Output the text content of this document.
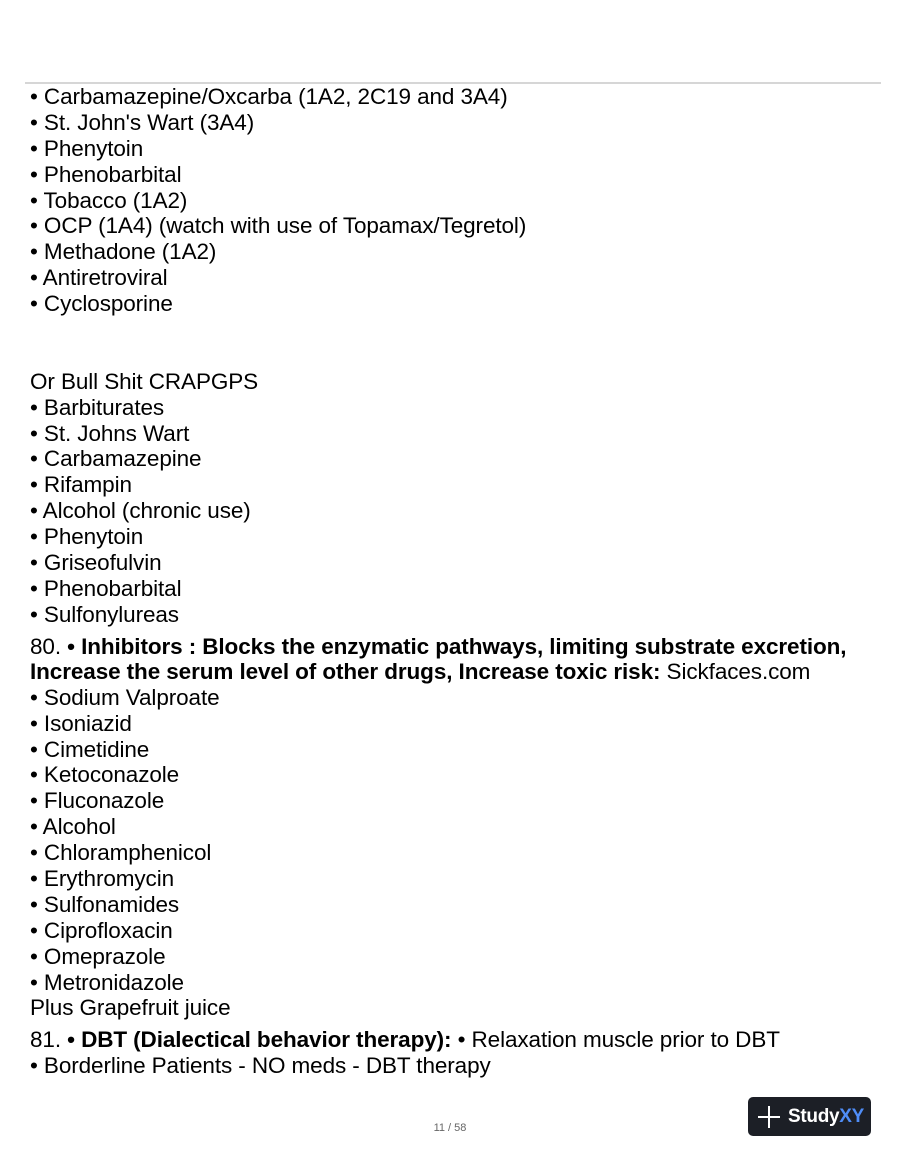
• Carbamazepine/Oxcarba (1A2, 2C19 and 3A4)
• St. John's Wart (3A4)
• Phenytoin
• Phenobarbital
• Tobacco (1A2)
• OCP (1A4) (watch with use of Topamax/Tegretol)
• Methadone (1A2)
• Antiretroviral
• Cyclosporine
Or Bull Shit CRAPGPS
• Barbiturates
• St. Johns Wart
• Carbamazepine
• Rifampin
• Alcohol (chronic use)
• Phenytoin
• Griseofulvin
• Phenobarbital
• Sulfonylureas
80. • Inhibitors : Blocks the enzymatic pathways, limiting substrate excretion, Increase the serum level of other drugs, Increase toxic risk: Sickfaces.com
• Sodium Valproate
• Isoniazid
• Cimetidine
• Ketoconazole
• Fluconazole
• Alcohol
• Chloramphenicol
• Erythromycin
• Sulfonamides
• Ciprofloxacin
• Omeprazole
• Metronidazole
Plus Grapefruit juice
81. • DBT (Dialectical behavior therapy): • Relaxation muscle prior to DBT
• Borderline Patients - NO meds - DBT therapy
11 / 58
StudyXY
